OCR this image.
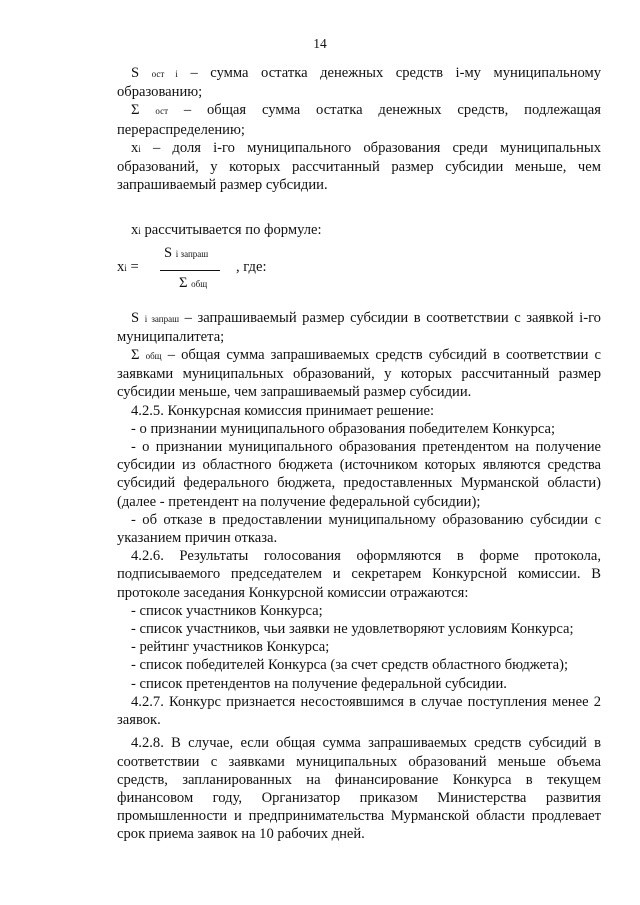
14

S ост i – сумма остатка денежных средств i-му муниципальному образованию;

Σ ост – общая сумма остатка денежных средств, подлежащая перераспределению;

xi – доля i-го муниципального образования среди муниципальных образований, у которых рассчитанный размер субсидии меньше, чем запрашиваемый размер субсидии.

xi рассчитывается по формуле:

xi =
S i запраш
Σ общ
, где:

S i запраш – запрашиваемый размер субсидии в соответствии с заявкой i-го муниципалитета;

Σ общ – общая сумма запрашиваемых средств субсидий в соответствии с заявками муниципальных образований, у которых рассчитанный размер субсидии меньше, чем запрашиваемый размер субсидии.

4.2.5. Конкурсная комиссия принимает решение:

- о признании муниципального образования победителем Конкурса;

- о признании муниципального образования претендентом на получение субсидии из областного бюджета (источником которых являются средства субсидий федерального бюджета, предоставленных Мурманской области) (далее - претендент на получение федеральной субсидии);

- об отказе в предоставлении муниципальному образованию субсидии с указанием причин отказа.

4.2.6. Результаты голосования оформляются в форме протокола, подписываемого председателем и секретарем Конкурсной комиссии. В протоколе заседания Конкурсной комиссии отражаются:

- список участников Конкурса;

- список участников, чьи заявки не удовлетворяют условиям Конкурса;

- рейтинг участников Конкурса;

- список победителей Конкурса (за счет средств областного бюджета);

- список претендентов на получение федеральной субсидии.

4.2.7. Конкурс признается несостоявшимся в случае поступления менее 2 заявок.

4.2.8. В случае, если общая сумма запрашиваемых средств субсидий в соответствии с заявками муниципальных образований меньше объема средств, запланированных на финансирование Конкурса в текущем финансовом году, Организатор приказом Министерства развития промышленности и предпринимательства Мурманской области продлевает срок приема заявок на 10 рабочих дней.
